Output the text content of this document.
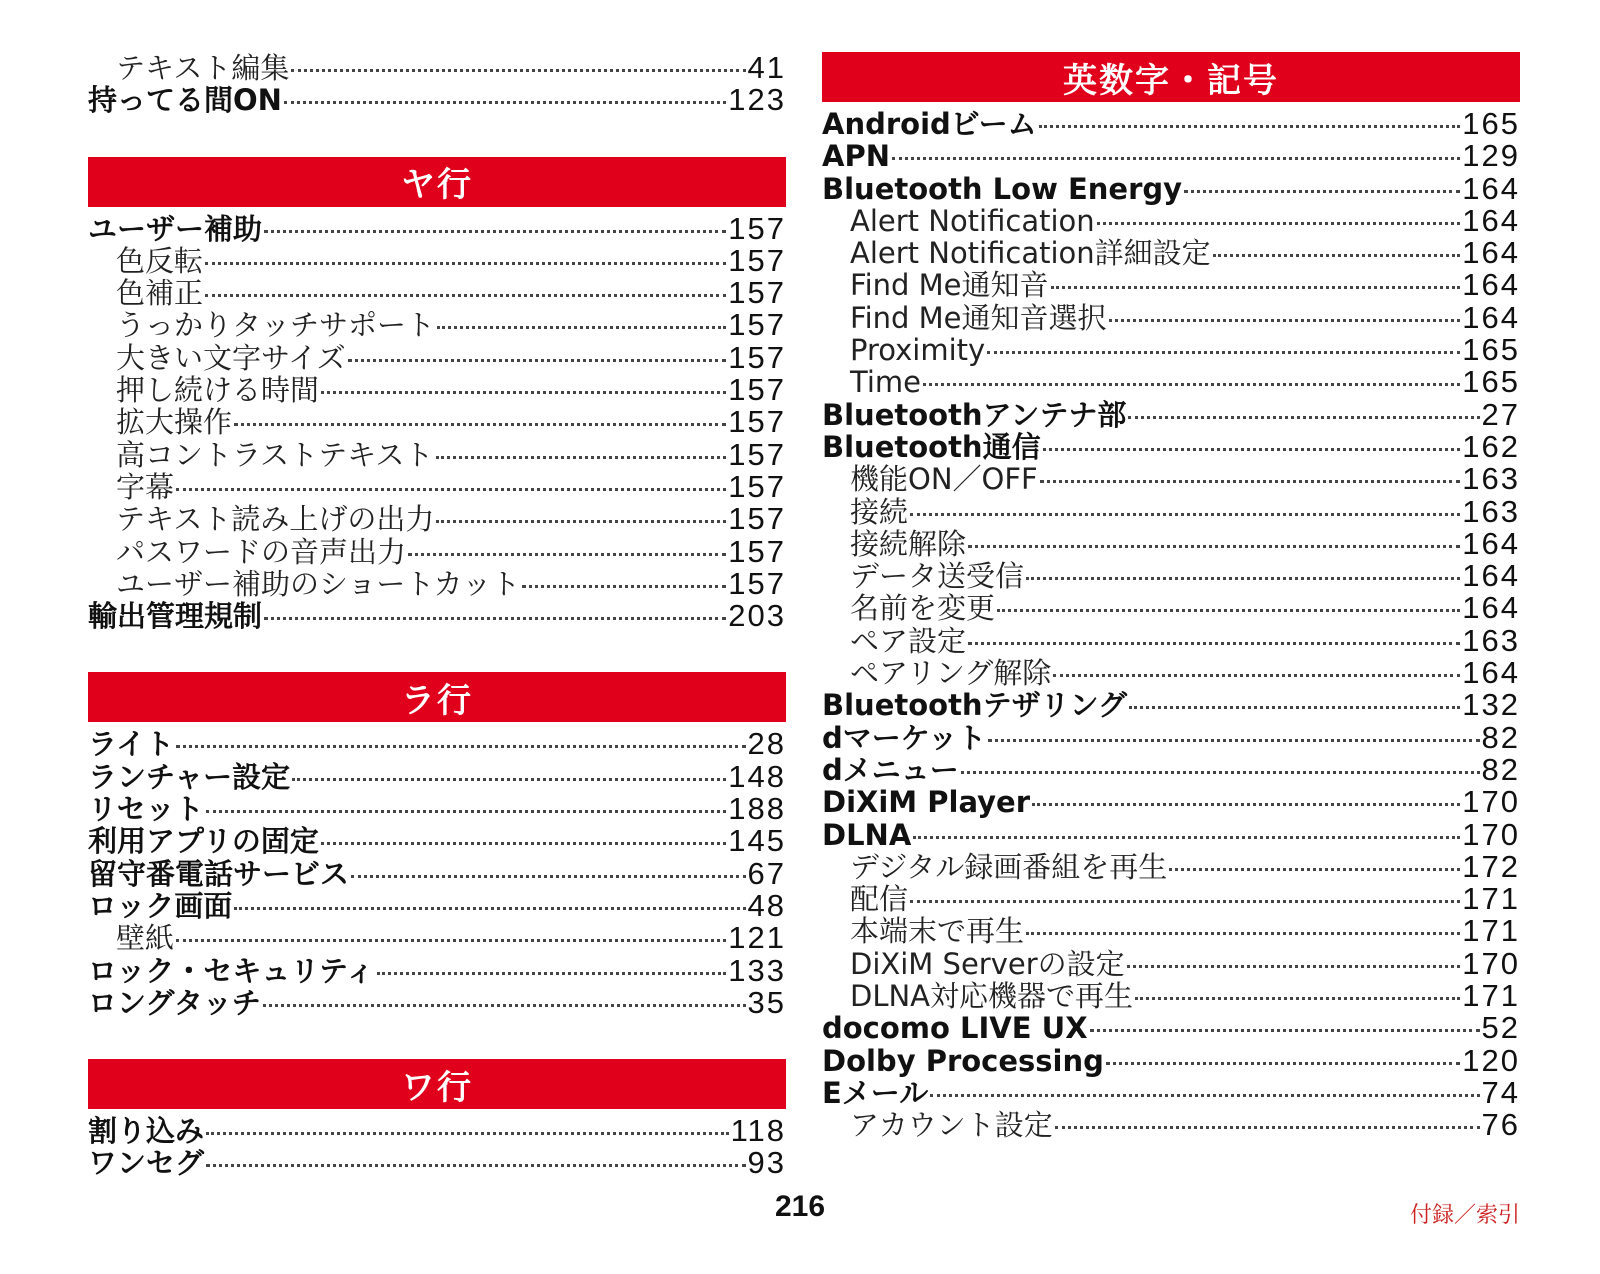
テキスト編集	41
持ってる間ON	123
ヤ行
ユーザー補助	157
色反転	157
色補正	157
うっかりタッチサポート	157
大きい文字サイズ	157
押し続ける時間	157
拡大操作	157
高コントラストテキスト	157
字幕	157
テキスト読み上げの出力	157
パスワードの音声出力	157
ユーザー補助のショートカット	157
輸出管理規制	203
ラ行
ライト	28
ランチャー設定	148
リセット	188
利用アプリの固定	145
留守番電話サービス	67
ロック画面	48
壁紙	121
ロック・セキュリティ	133
ロングタッチ	35
ワ行
割り込み	118
ワンセグ	93
英数字・記号
Androidビーム	165
APN	129
Bluetooth Low Energy	164
Alert Notification	164
Alert Notification詳細設定	164
Find Me通知音	164
Find Me通知音選択	164
Proximity	165
Time	165
Bluetoothアンテナ部	27
Bluetooth通信	162
機能ON／OFF	163
接続	163
接続解除	164
データ送受信	164
名前を変更	164
ペア設定	163
ペアリング解除	164
Bluetoothテザリング	132
dマーケット	82
dメニュー	82
DiXiM Player	170
DLNA	170
デジタル録画番組を再生	172
配信	171
本端末で再生	171
DiXiM Serverの設定	170
DLNA対応機器で再生	171
docomo LIVE UX	52
Dolby Processing	120
Eメール	74
アカウント設定	76
216	付録／索引
